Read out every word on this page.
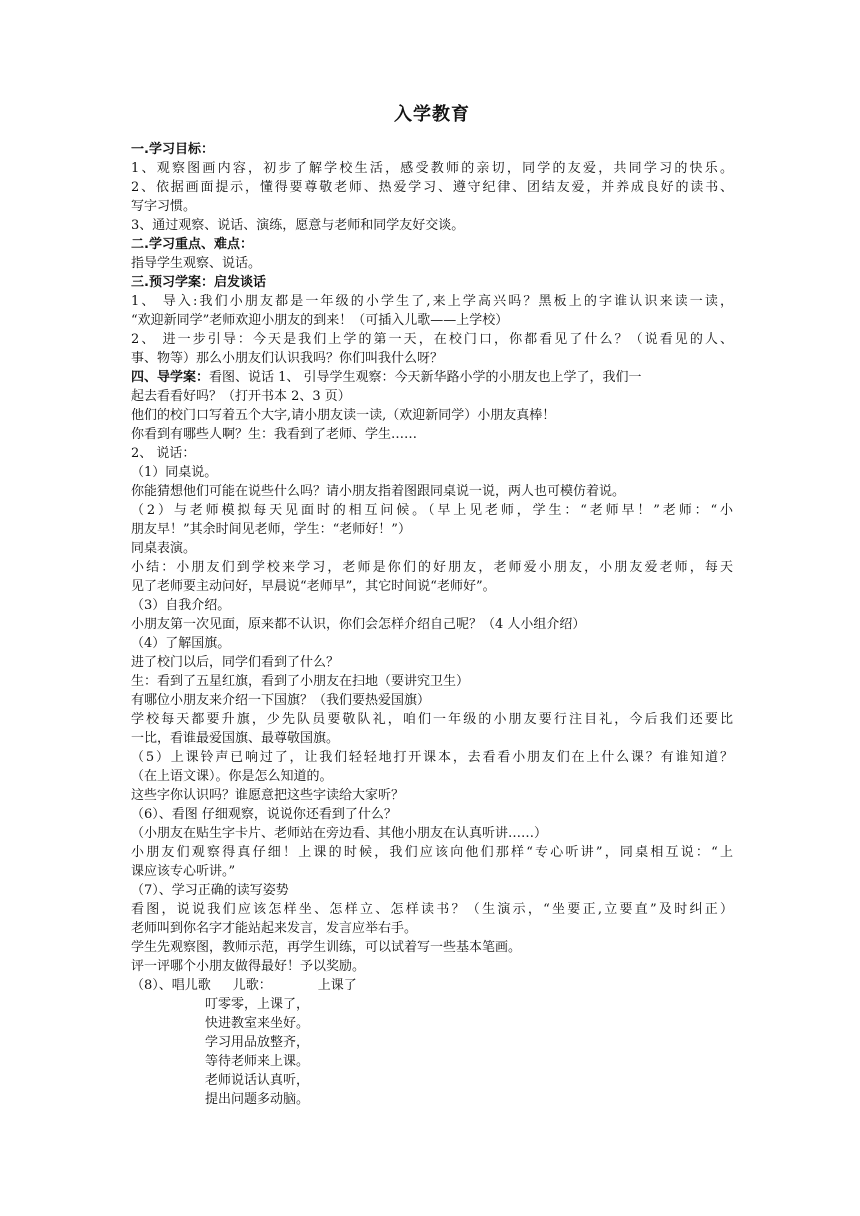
入学教育
一.学习目标：
1、观察图画内容，初步了解学校生活，感受教师的亲切，同学的友爱，共同学习的快乐。
2、依据画面提示，懂得要尊敬老师、热爱学习、遵守纪律、团结友爱，并养成良好的读书、
写字习惯。
3、通过观察、说话、演练，愿意与老师和同学友好交谈。
二.学习重点、难点：
指导学生观察、说话。
三.预习学案：启发谈话
1、 导入:我们小朋友都是一年级的小学生了,来上学高兴吗？黑板上的字谁认识来读一读，
“欢迎新同学”老师欢迎小朋友的到来！（可插入儿歌——上学校）
2、 进一步引导：今天是我们上学的第一天，在校门口，你都看见了什么？（说看见的人、
事、物等）那么小朋友们认识我吗？你们叫我什么呀？
四、导学案：看图、说话 1、 引导学生观察：今天新华路小学的小朋友也上学了，我们一
起去看看好吗？（打开书本 2、3 页）
他们的校门口写着五个大字,请小朋友读一读,（欢迎新同学）小朋友真棒！
你看到有哪些人啊？生：我看到了老师、学生……
2、 说话：
（1）同桌说。
你能猜想他们可能在说些什么吗？请小朋友指着图跟同桌说一说，两人也可模仿着说。
（2）与老师模拟每天见面时的相互问候。（早上见老师，学生：“老师早！”老师：“小
朋友早！”其余时间见老师，学生：“老师好！”）
同桌表演。
小结：小朋友们到学校来学习，老师是你们的好朋友，老师爱小朋友，小朋友爱老师，每天
见了老师要主动问好，早晨说“老师早”，其它时间说“老师好”。
（3）自我介绍。
小朋友第一次见面，原来都不认识，你们会怎样介绍自己呢？（4 人小组介绍）
（4）了解国旗。
进了校门以后，同学们看到了什么？
生：看到了五星红旗，看到了小朋友在扫地（要讲究卫生）
有哪位小朋友来介绍一下国旗？（我们要热爱国旗）
学校每天都要升旗，少先队员要敬队礼，咱们一年级的小朋友要行注目礼，今后我们还要比
一比，看谁最爱国旗、最尊敬国旗。
（5）上课铃声已响过了，让我们轻轻地打开课本，去看看小朋友们在上什么课？有谁知道？
（在上语文课）。你是怎么知道的。
这些字你认识吗？谁愿意把这些字读给大家听？
（6）、看图 仔细观察，说说你还看到了什么？
（小朋友在贴生字卡片、老师站在旁边看、其他小朋友在认真听讲……）
小朋友们观察得真仔细！上课的时候，我们应该向他们那样“专心听讲”，同桌相互说：“上
课应该专心听讲。”
（7）、学习正确的读写姿势
看图，说说我们应该怎样坐、怎样立、怎样读书？（生演示，“坐要正,立要直”及时纠正）
老师叫到你名字才能站起来发言，发言应举右手。
学生先观察图，教师示范，再学生训练，可以试着写一些基本笔画。
评一评哪个小朋友做得最好！予以奖励。
（8）、唱儿歌 儿歌：	上课了
叮零零，上课了，
快进教室来坐好。
学习用品放整齐，
等待老师来上课。
老师说话认真听，
提出问题多动脑。
